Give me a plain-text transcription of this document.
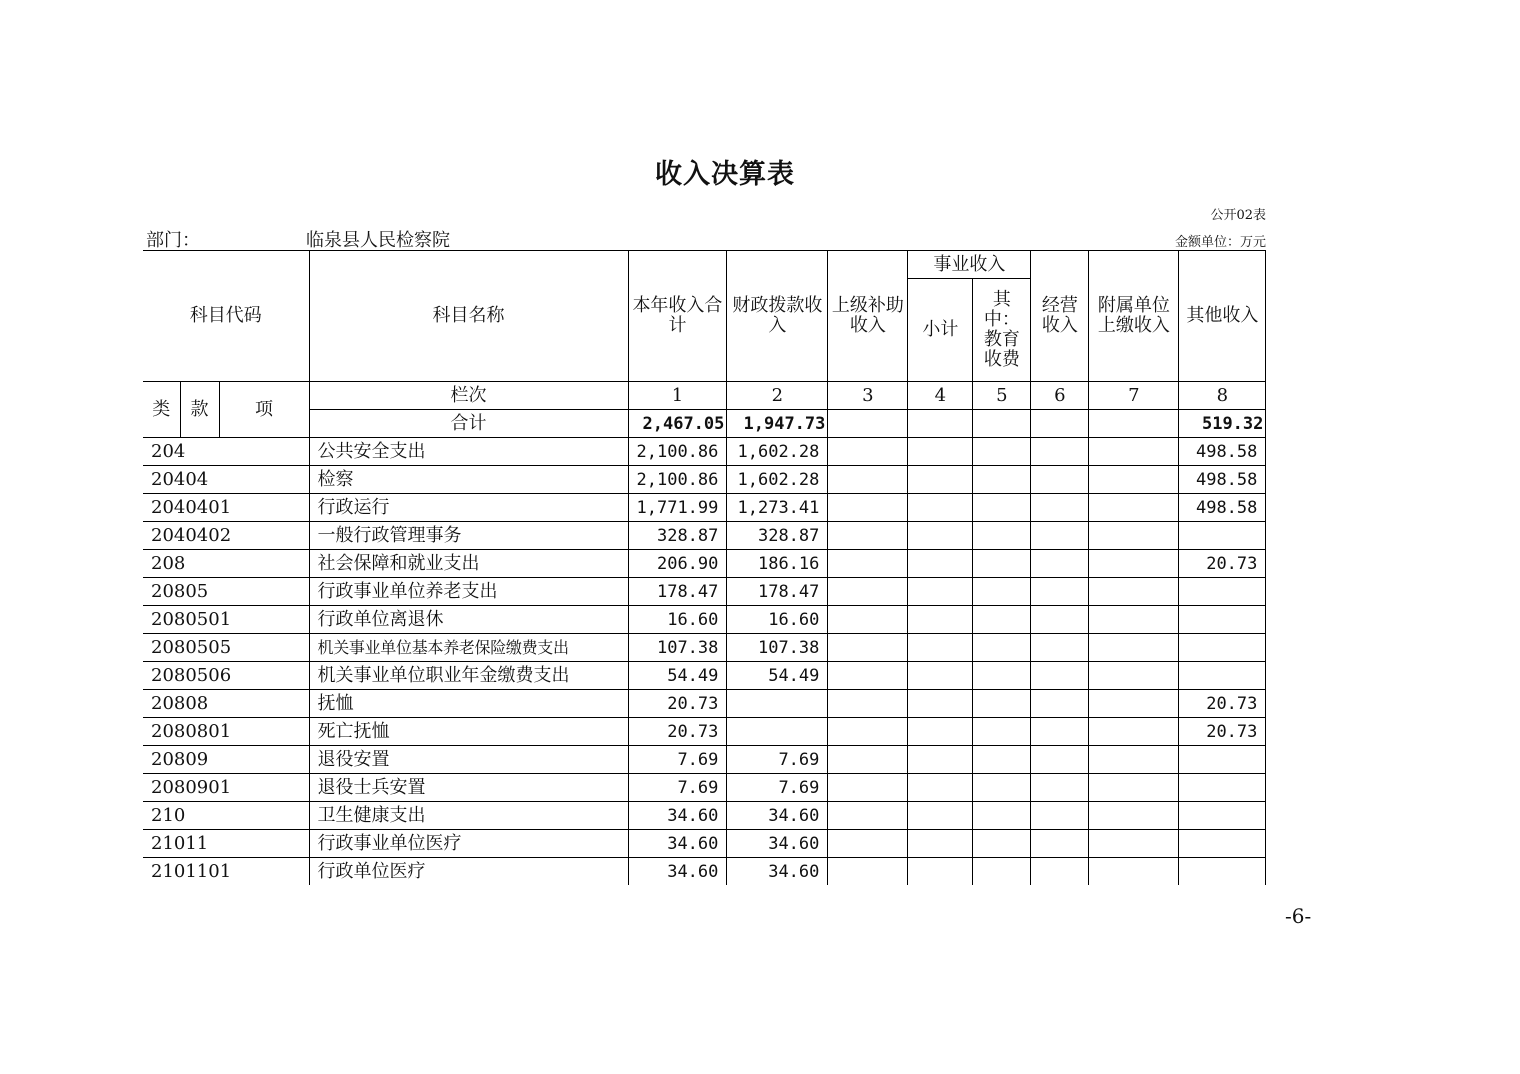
收入决算表
公开02表
金额单位：万元
部门：	临泉县人民检察院
科目代码			科目名称	本年收入合计	财政拨款收入	上级补助收入	事业收入		经营收入	附属单位上缴收入	其他收入
							小计	其中：教育收费			
类	款	项	栏次	1	2	3	4	5	6	7	8
			合计	2,467.05	1,947.73						519.32
204			公共安全支出	2,100.86	1,602.28						498.58
20404			检察	2,100.86	1,602.28						498.58
2040401			行政运行	1,771.99	1,273.41						498.58
2040402			一般行政管理事务	328.87	328.87						
208			社会保障和就业支出	206.90	186.16						20.73
20805			行政事业单位养老支出	178.47	178.47						
2080501			行政单位离退休	16.60	16.60						
2080505			机关事业单位基本养老保险缴费支出	107.38	107.38						
2080506			机关事业单位职业年金缴费支出	54.49	54.49						
20808			抚恤	20.73							20.73
2080801			死亡抚恤	20.73							20.73
20809			退役安置	7.69	7.69						
2080901			退役士兵安置	7.69	7.69						
210			卫生健康支出	34.60	34.60						
21011			行政事业单位医疗	34.60	34.60						
2101101			行政单位医疗	34.60	34.60						
-6-
